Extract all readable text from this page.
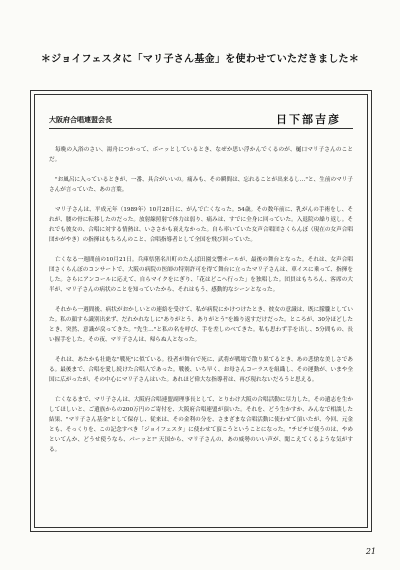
＊ジョイフェスタに「マリ子さん基金」を使わせていただきました＊
大阪府合唱連盟会長	日下部吉彦

毎晩の入浴のさい、湯舟につかって、ボーッとしているとき、なぜか思い浮かんでくるのが、樋口マリ子さんのことだ。

"お風呂に入っているときが、一番、具合がいいの。痛みも、その瞬間は、忘れることが出来るし…"と、生前のマリ子さんが言っていた、あの言葉。

マリ子さんは、平成元年（1989年）10月28日に、がんで亡くなった。54歳。その数年前に、乳がんの手術をし、それが、腰の骨に転移したのだった。放射線照射で体力は弱り、痛みは、すでに全身に回っていた。入退院の繰り返し。それでも彼女の、合唱に対する情熱は、いささかも衰えなかった。自ら率いていた女声合唱団さくらんぼ（現在の女声合唱団かがやき）の指揮はもちろんのこと、合唱指導者として全国を飛び回っていた。

亡くなる一週間前の10月21日。兵庫県猪名川町のたんば田園交響ホールが、最後の舞台となった。それは、女声合唱団さくらんぼのコンサートで、大阪の病院の医師の特別許可を得て舞台に立ったマリ子さんは、車イスに乗って、指揮をした。さらにアンコールに応えて、自らマイクをにぎり、「花はどこへ行った」を独唱した。団員はもちろん、客席の大半が、マリ子さんの病状のことを知っていたから、それはもう、感動的なシーンとなった。

それから一週間後、病状がおかしいとの連絡を受けて、私が病院にかけつけたとき、彼女の意識は、既に朦朧としていた。私の顔すら識別出来ず、だれかれなしに"ありがとう、ありがとう"を繰り返すだけだった。ところが、30分ほどしたとき、突然、意識が戻ってきた。"先生…"と私の名を呼び、手を差しのべてきた。私も思わず手を出し、5分間もの、長い握手をした。その夜、マリ子さんは、帰らぬ人となった。

それは、あたかも壮絶な"戦死"に似ている。役者が舞台で死に、武将が戦場で散り果てるとき、あの悲愴な美しさである。最後まで、合唱を愛し続けた合唱人であった。戦後、いち早く、お母さんコーラスを組織し、その運動が、いまや全国に広がったが、その中心にマリ子さんはいた。あれほど偉大な指導者は、再び現れないだろうと思える。

亡くなるまで、マリ子さんは、大阪府合唱連盟副理事長として、とりわけ大阪の合唱活動に尽力した。その遺志を生かしてほしいと、ご遺族からの200万円のご寄付を、大阪府合唱連盟が頂いた。それを、どう生かすか、みんなで相談した結果、"マリ子さん基金"として保存し、従来は、その金利の分を、さまざまな合唱活動に使わせて頂いたが、今回、元金とも、そっくりを、この記念すべき「ジョイフェスタ」に使わせて頂こうということになった。"チビチビ使うのは、やめといてんか、どうせ使うなら、パーッと!" 天国から、マリ子さんの、あの威勢のいい声が、聞こえてくるような気がする。

21
